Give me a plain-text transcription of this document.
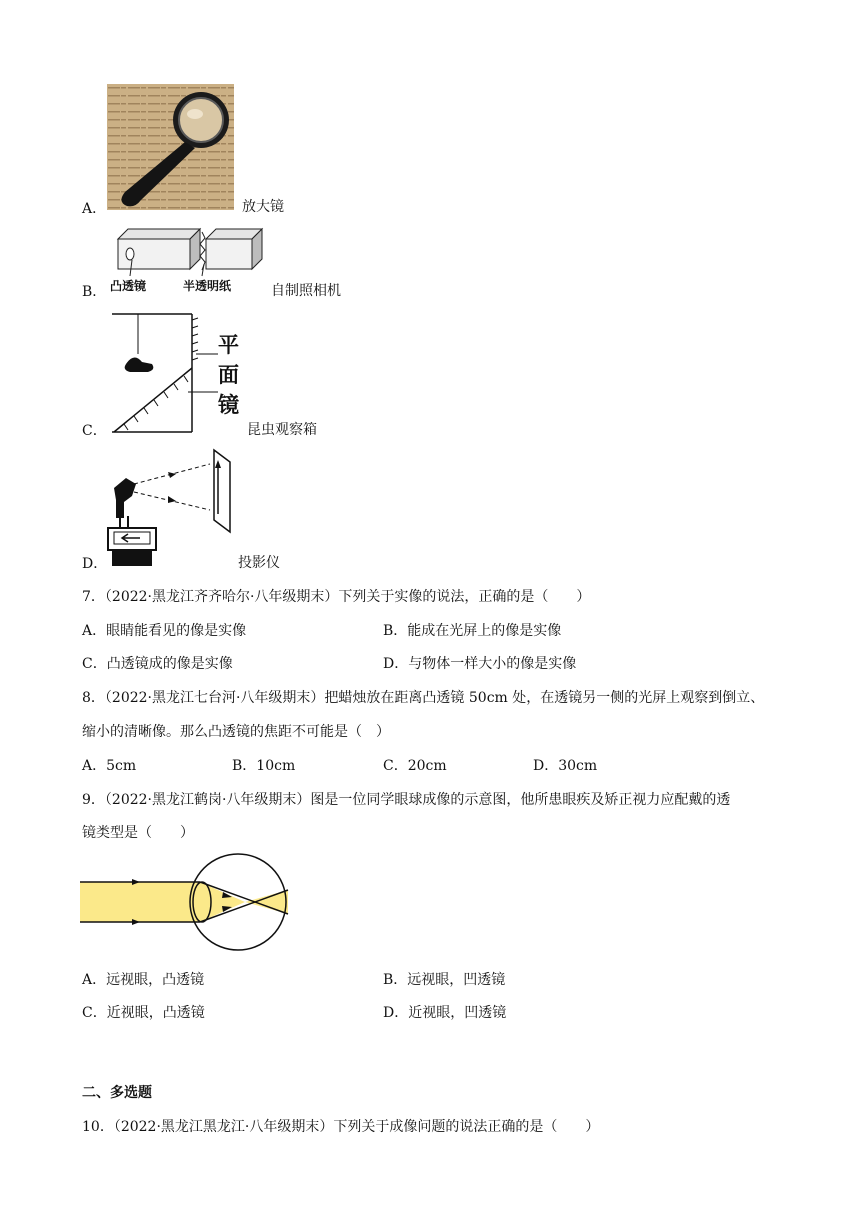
A．	放大镜
B． 凸透镜	半透明纸	自制照相机
C．
平
面
镜
昆虫观察箱
D．	投影仪
7．（2022·黑龙江齐齐哈尔·八年级期末）下列关于实像的说法，正确的是（　　）
A．眼睛能看见的像是实像	B．能成在光屏上的像是实像
C．凸透镜成的像是实像	D．与物体一样大小的像是实像
8．（2022·黑龙江七台河·八年级期末）把蜡烛放在距离凸透镜 50cm 处，在透镜另一侧的光屏上观察到倒立、
缩小的清晰像。那么凸透镜的焦距不可能是（　）
A．5cm	B．10cm	C．20cm	D．30cm
9．（2022·黑龙江鹤岗·八年级期末）图是一位同学眼球成像的示意图，他所患眼疾及矫正视力应配戴的透
镜类型是（　　）
A．远视眼，凸透镜	B．远视眼，凹透镜
C．近视眼，凸透镜	D．近视眼，凹透镜
二、多选题
10．（2022·黑龙江黑龙江·八年级期末）下列关于成像问题的说法正确的是（　　）
